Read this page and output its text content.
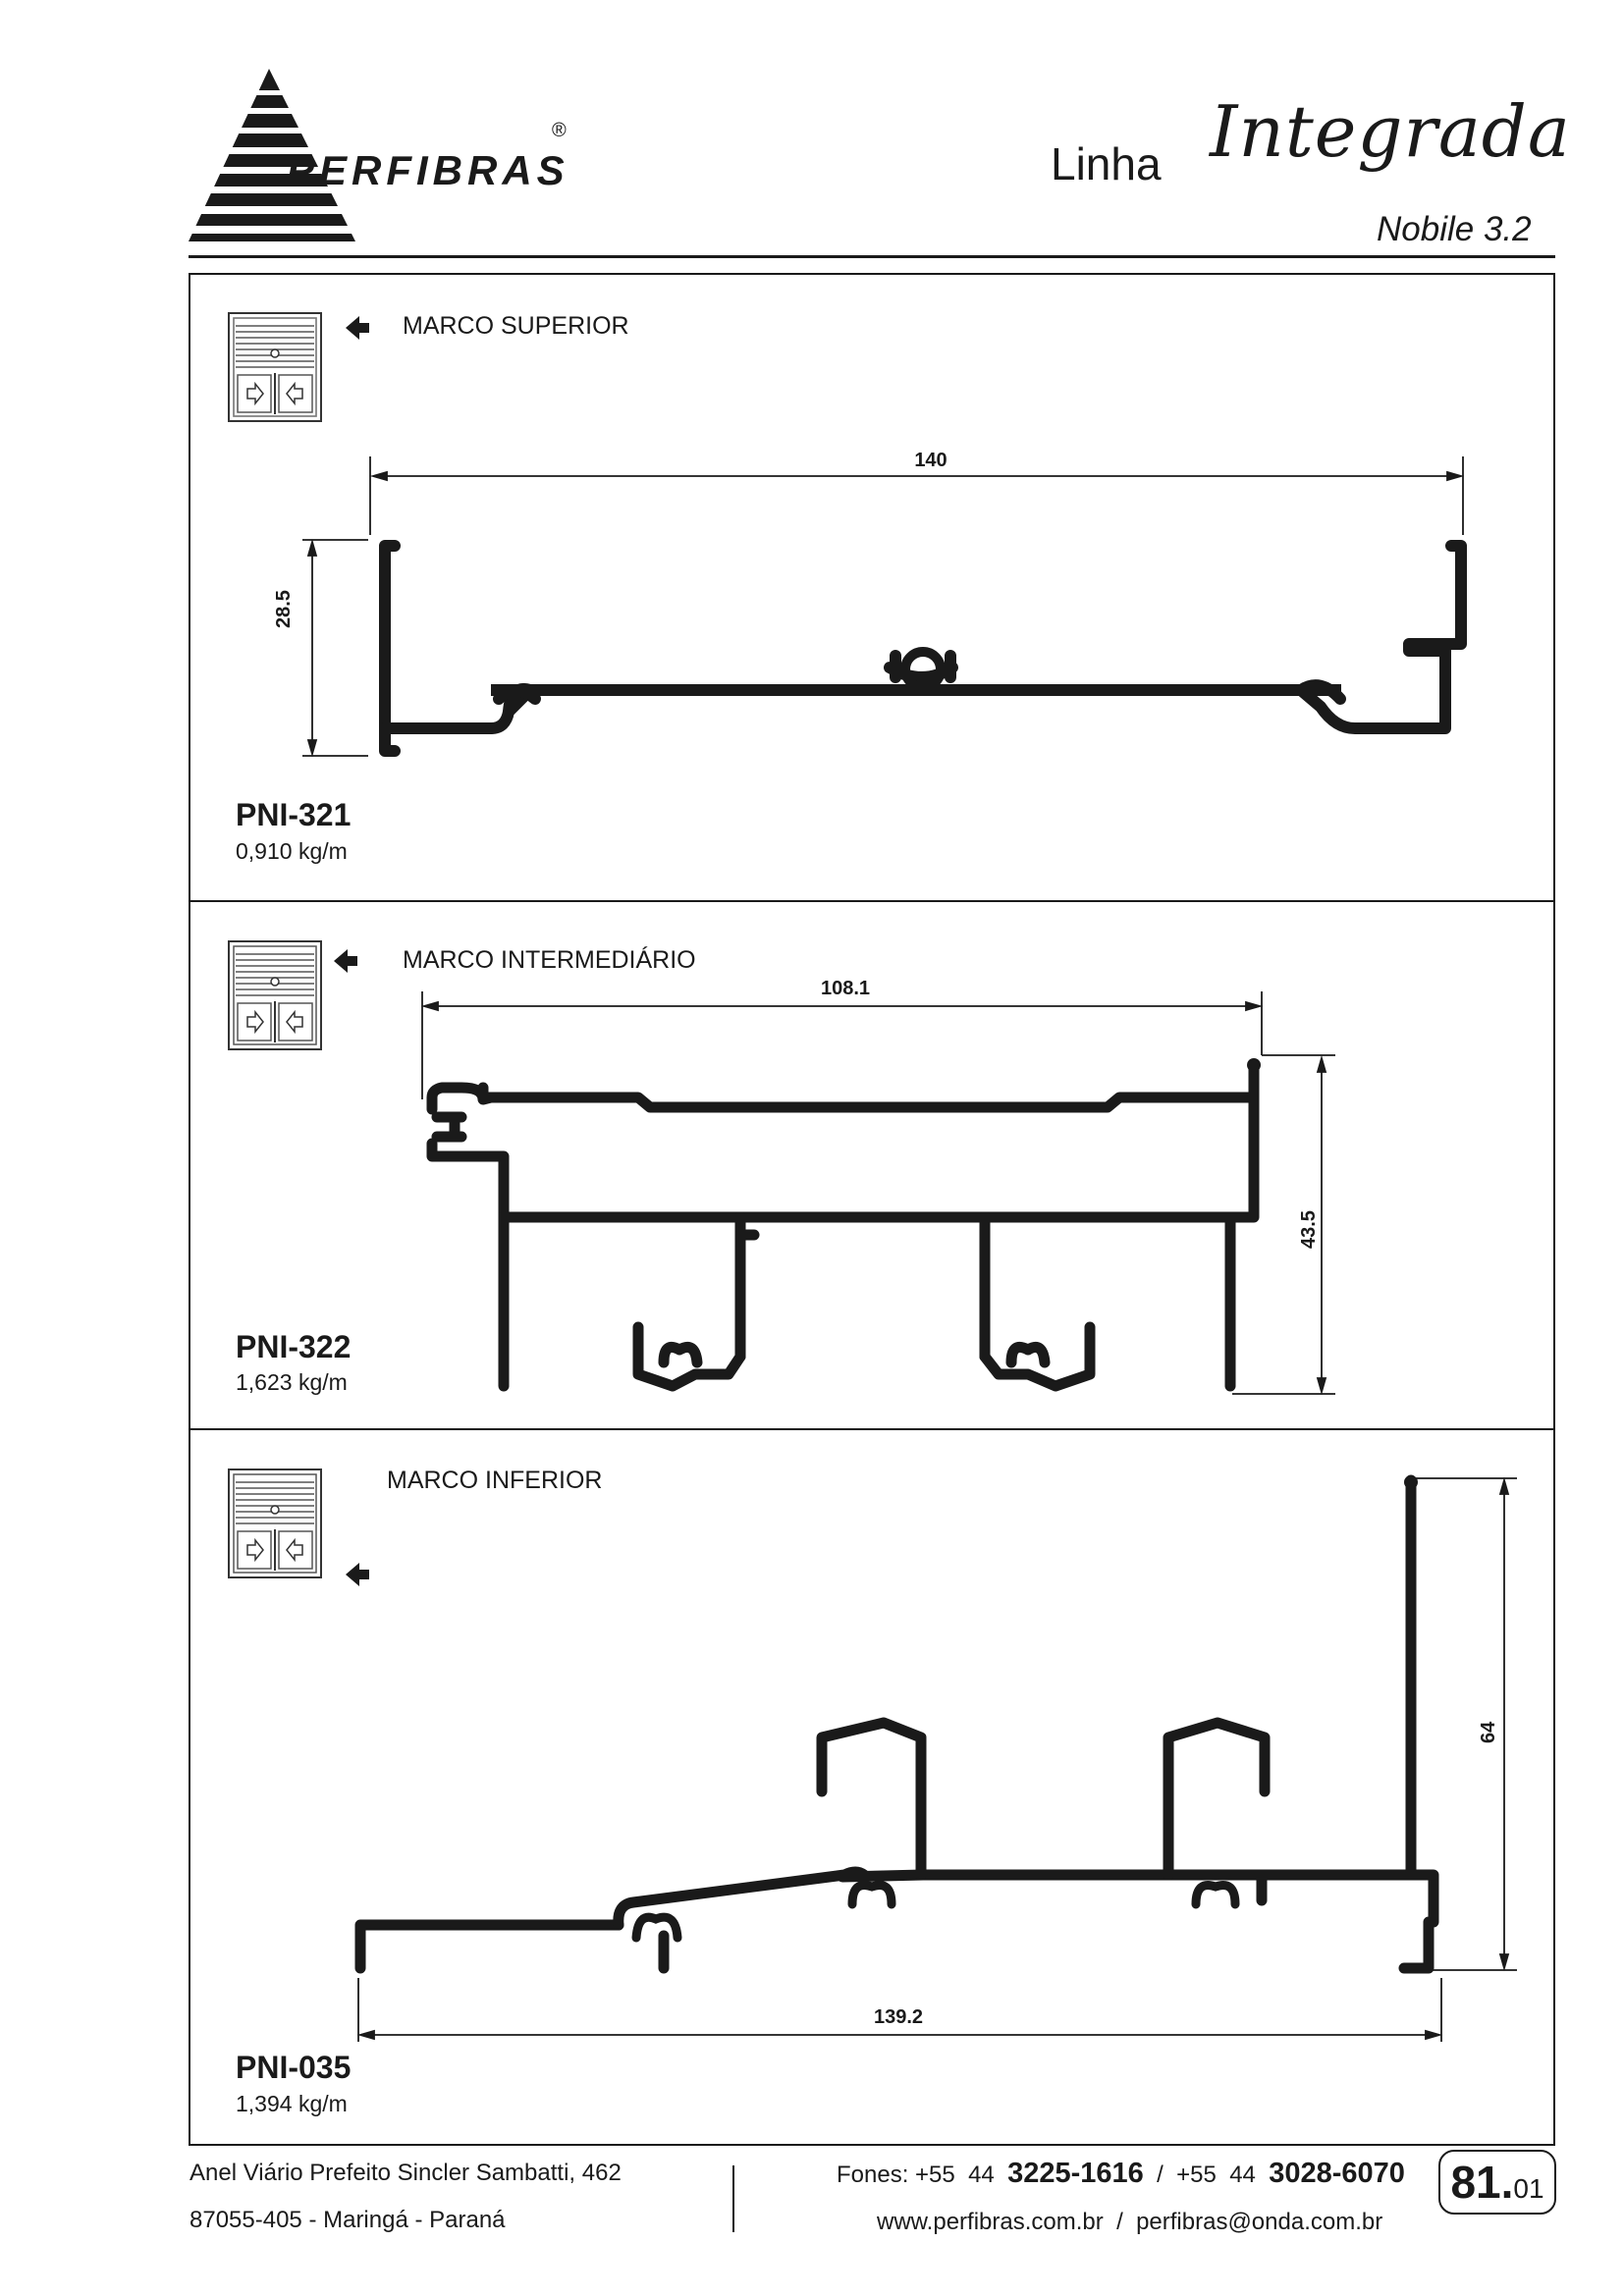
PERFIBRAS
®
Linha Integrada
Nobile 3.2
MARCO SUPERIOR
140
28.5
PNI-321
0,910 kg/m
MARCO INTERMEDIÁRIO
108.1
43.5
PNI-322
1,623 kg/m
MARCO INFERIOR
139.2
64
PNI-035
1,394 kg/m
Anel Viário Prefeito Sincler Sambatti, 462
87055-405 - Maringá - Paraná
Fones: +55  44 3225-1616 /  +55  44 3028-6070
www.perfibras.com.br  /  perfibras@onda.com.br
81.01
